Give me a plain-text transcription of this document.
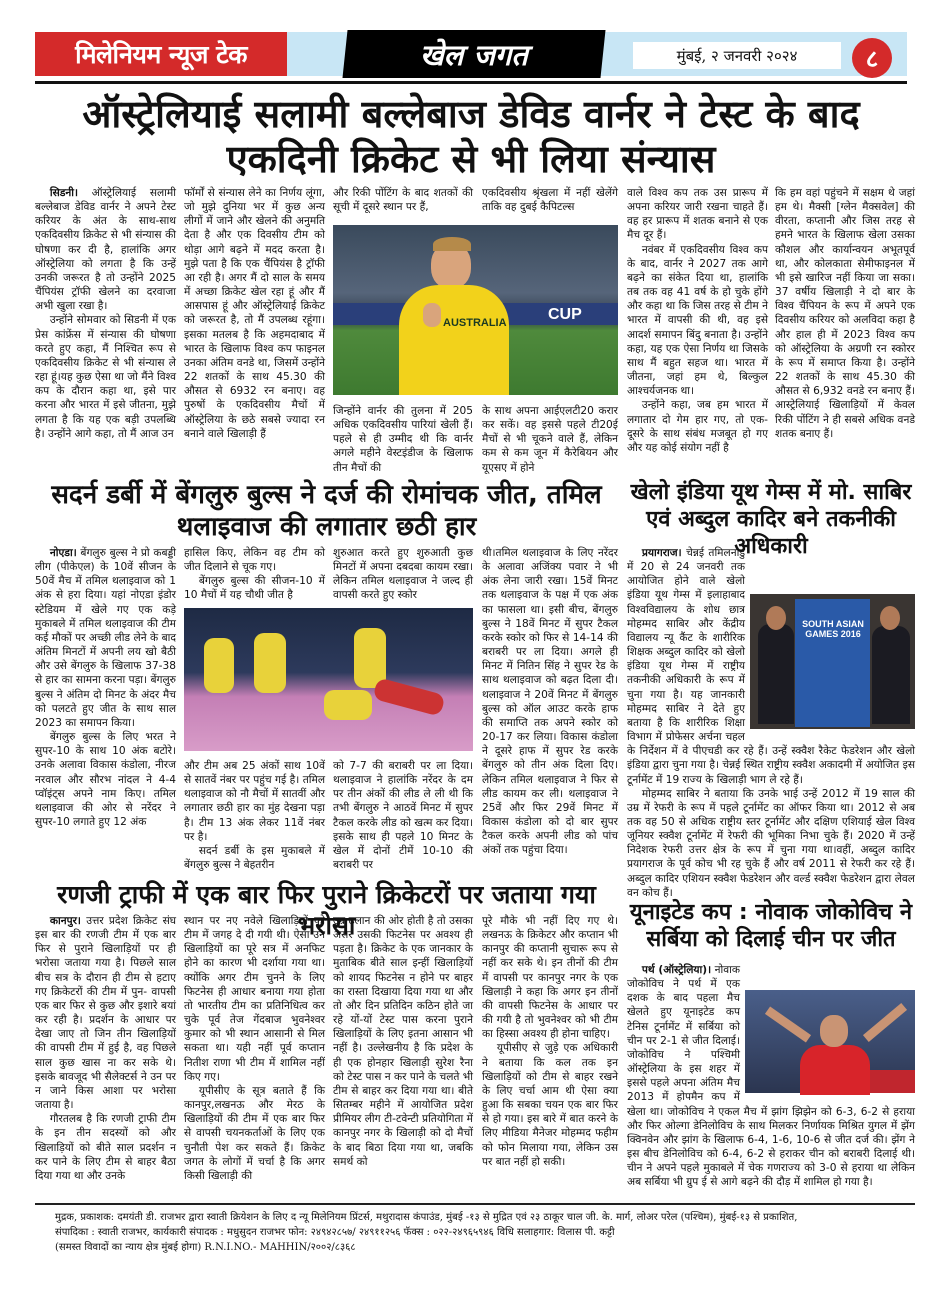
मिलेनियम न्यूज टेक	खेल जगत	मुंबई, २ जनवरी २०२४	८
ऑस्ट्रेलियाई सलामी बल्लेबाज डेविड वार्नर ने टेस्ट के बाद एकदिनी क्रिकेट से भी लिया संन्यास

सिडनी। ऑस्ट्रेलियाई सलामी बल्लेबाज डेविड वार्नर ने अपने टेस्ट करियर के अंत के साथ-साथ एकदिवसीय क्रिकेट से भी संन्यास की घोषणा कर दी है, हालांकि अगर ऑस्ट्रेलिया को लगता है कि उन्हें उनकी जरूरत है तो उन्होंने 2025 चैंपियंस ट्रॉफी खेलने का दरवाजा अभी खुला रखा है।

उन्होंने सोमवार को सिडनी में एक प्रेस कांफ्रेंस में संन्यास की घोषणा करते हुए कहा, मैं निश्चित रूप से एकदिवसीय क्रिकेट से भी संन्यास ले रहा हूं।यह कुछ ऐसा था जो मैंने विश्व कप के दौरान कहा था, इसे पार करना और भारत में इसे जीतना, मुझे लगता है कि यह एक बड़ी उपलब्धि है। उन्होंने आगे कहा, तो मैं आज उन

फॉर्मों से संन्यास लेने का निर्णय लूंगा, जो मुझे दुनिया भर में कुछ अन्य लीगों में जाने और खेलने की अनुमति देता है और एक दिवसीय टीम को थोड़ा आगे बढ़ने में मदद करता है। मुझे पता है कि एक चैंपियंस है ट्रॉफी आ रही है। अगर मैं दो साल के समय में अच्छा क्रिकेट खेल रहा हूं और मैं आसपास हूं और ऑस्ट्रेलियाई क्रिकेट को जरूरत है, तो मैं उपलब्ध रहूंगा। इसका मतलब है कि अहमदाबाद में भारत के खिलाफ विश्व कप फाइनल उनका अंतिम वनडे था, जिसमें उन्होंने 22 शतकों के साथ 45.30 की औसत से 6932 रन बनाए। वह पुरुषों के एकदिवसीय मैचों में ऑस्ट्रेलिया के छठे सबसे ज्यादा रन बनाने वाले खिलाड़ी हैं

और रिकी पोंटिंग के बाद शतकों की सूची में दूसरे स्थान पर हैं,

एकदिवसीय श्रृंखला में नहीं खेलेंगे ताकि वह दुबई कैपिटल्स

CUP
AUSTRALIA

जिन्होंने वार्नर की तुलना में 205 अधिक एकदिवसीय पारियां खेली हैं। पहले से ही उम्मीद थी कि वार्नर अगले महीने वेस्टइंडीज के खिलाफ तीन मैचों की

के साथ अपना आईएलटी20 करार कर सकें। वह इससे पहले टी20ई मैचों से भी चूकने वाले हैं, लेकिन कम से कम जून में कैरेबियन और यूएसए में होने

वाले विश्व कप तक उस प्रारूप में अपना करियर जारी रखना चाहते हैं। वह हर प्रारूप में शतक बनाने से एक मैच दूर हैं।

नवंबर में एकदिवसीय विश्व कप के बाद, वार्नर ने 2027 तक आगे बढ़ने का संकेत दिया था, हालांकि तब तक वह 41 वर्ष के हो चुके होंगे और कहा था कि जिस तरह से टीम ने भारत में वापसी की थी, वह इसे आदर्श समापन बिंदु बनाता है। उन्होंने कहा, यह एक ऐसा निर्णय था जिसके साथ मैं बहुत सहज था। भारत में जीतना, जहां हम थे, बिल्कुल आश्चर्यजनक था।

उन्होंने कहा, जब हम भारत में लगातार दो गेम हार गए, तो एक-दूसरे के साथ संबंध मजबूत हो गए और यह कोई संयोग नहीं है

कि हम वहां पहुंचने में सक्षम थे जहां हम थे। मैक्सी [ग्लेन मैक्सवेल] की वीरता, कप्तानी और जिस तरह से हमने भारत के खिलाफ खेला उसका कौशल और कार्यान्वयन अभूतपूर्व था, और कोलकाता सेमीफाइनल में भी इसे खारिज नहीं किया जा सका।37 वर्षीय खिलाड़ी ने दो बार के विश्व चैंपियन के रूप में अपने एक दिवसीय करियर को अलविदा कहा है और हाल ही में 2023 विश्व कप को ऑस्ट्रेलिया के अग्रणी रन स्कोरर के रूप में समाप्त किया है। उन्होंने 22 शतकों के साथ 45.30 की औसत से 6,932 वनडे रन बनाए हैं। आस्ट्रेलियाई खिलाड़ियों में केवल रिकी पोंटिंग ने ही सबसे अधिक वनडे शतक बनाए हैं।

सदर्न डर्बी में बेंगलुरु बुल्स ने दर्ज की रोमांचक जीत, तमिल थलाइवाज की लगातार छठी हार

नोएडा। बेंगलुरु बुल्स ने प्रो कबड्डी लीग (पीकेएल) के 10वें सीजन के 50वें मैच में तमिल थलाइवाज को 1 अंक से हरा दिया। यहां नोएडा इंडोर स्टेडियम में खेले गए एक कड़े मुकाबले में तमिल थलाइवाज की टीम कई मौकों पर अच्छी लीड लेने के बाद अंतिम मिनटों में अपनी लय खो बैठी और उसे बेंगलुरु के खिलाफ 37-38 से हार का सामना करना पड़ा। बेंगलुरु बुल्स ने अंतिम दो मिनट के अंदर मैच को पलटते हुए जीत के साथ साल 2023 का समापन किया।

बेंगलुरु बुल्स के लिए भरत ने सुपर-10 के साथ 10 अंक बटोरे। उनके अलावा विकास कंडोला, नीरज नरवाल और सौरभ नांदल ने 4-4 प्वॉइंट्स अपने नाम किए। तमिल थलाइवाज की ओर से नरेंदर ने सुपर-10 लगाते हुए 12 अंक

हासिल किए, लेकिन वह टीम को जीत दिलाने से चूक गए।

बेंगलुरु बुल्स की सीजन-10 में 10 मैचों में यह चौथी जीत है

शुरुआत करते हुए शुरुआती कुछ मिनटों में अपना दबदबा कायम रखा। लेकिन तमिल थलाइवाज ने जल्द ही वापसी करते हुए स्कोर

और टीम अब 25 अंकों साथ 10वें से सातवें नंबर पर पहुंच गई है। तमिल थलाइवाज को नौ मैचों में सातवीं और लगातार छठी हार का मुंह देखना पड़ा है। टीम 13 अंक लेकर 11वें नंबर पर है।

सदर्न डर्बी के इस मुकाबले में बेंगलुरु बुल्स ने बेहतरीन

को 7-7 की बराबरी पर ला दिया। थलाइवाज ने हालांकि नरेंदर के दम पर तीन अंकों की लीड ले ली थी कि तभी बेंगलुरु ने आठवें मिनट में सुपर टैकल करके लीड को खत्म कर दिया। इसके साथ ही पहले 10 मिनट के खेल में दोनों टीमें 10-10 की बराबरी पर

थी।तमिल थलाइवाज के लिए नरेंदर के अलावा अजिंक्य पवार ने भी अंक लेना जारी रखा। 15वें मिनट तक थलाइवाज के पक्ष में एक अंक का फासला था। इसी बीच, बेंगलुरु बुल्स ने 18वें मिनट में सुपर टैकल करके स्कोर को फिर से 14-14 की बराबरी पर ला दिया। अगले ही मिनट में नितिन सिंह ने सुपर रेड के साथ थलाइवाज को बढ़त दिला दी। थलाइवाज ने 20वें मिनट में बेंगलुरु बुल्स को ऑल आउट करके हाफ की समाप्ति तक अपने स्कोर को 20-17 कर लिया। विकास कंडोला ने दूसरे हाफ में सुपर रेड करके बेंगलुरु को तीन अंक दिला दिए। लेकिन तमिल थलाइवाज ने फिर से लीड कायम कर ली। थलाइवाज ने 25वें और फिर 29वें मिनट में विकास कंडोला को दो बार सुपर टैकल करके अपनी लीड को पांच अंकों तक पहुंचा दिया।

खेलो इंडिया यूथ गेम्स में मो. साबिर एवं अब्दुल कादिर बने तकनीकी अधिकारी
SOUTH ASIAN GAMES 2016

प्रयागराज। चेन्नई तमिलनाडु में 20 से 24 जनवरी तक आयोजित होने वाले खेलो इंडिया यूथ गेम्स में इलाहाबाद विश्वविद्यालय के शोध छात्र मोहम्मद साबिर और केंद्रीय विद्यालय न्यू कैंट के शारीरिक शिक्षक अब्दुल कादिर को खेलो इंडिया यूथ गेम्स में राष्ट्रीय तकनीकी अधिकारी के रूप में चुना गया है। यह जानकारी मोहम्मद साबिर ने देते हुए बताया है कि शारीरिक शिक्षा विभाग में प्रोफेसर अर्चना चहल के निर्देशन में वे पीएचडी कर रहे हैं। उन्हें स्क्वैश रैकेट फेडरेशन और खेलो इंडिया द्वारा चुना गया है। चेन्नई स्थित राष्ट्रीय स्क्वैश अकादमी में अयोजित इस टूर्नामेंट में 19 राज्य के खिलाड़ी भाग ले रहे हैं।

मोहम्मद साबिर ने बताया कि उनके भाई उन्हें 2012 में 19 साल की उम्र में रेफरी के रूप में पहले टूर्नामेंट का ऑफर किया था। 2012 से अब तक वह 50 से अधिक राष्ट्रीय स्तर टूर्नामेंट और दक्षिण एशियाई खेल विश्व जूनियर स्क्वैश टूर्नामेंट में रेफरी की भूमिका निभा चुके हैं। 2020 में उन्हें निदेशक रेफरी उत्तर क्षेत्र के रूप में चुना गया था।वहीं, अब्दुल कादिर प्रयागराज के पूर्व कोच भी रह चुके हैं और वर्ष 2011 से रेफरी कर रहे हैं। अब्दुल कादिर एशियन स्क्वैश फेडरेशन और वर्ल्ड स्क्वैश फेडरेशन द्वारा लेवल वन कोच हैं।

रणजी ट्राफी में एक बार फिर पुराने क्रिकेटरों पर जताया गया भरोसा

कानपुर। उत्तर प्रदेश क्रिकेट संघ इस बार की रणजी टीम में एक बार फिर से पुराने खिलाड़ियों पर ही भरोसा जताया गया है। पिछले साल बीच सत्र के दौरान ही टीम से हटाए गए क्रिकेटरों की टीम में पुन- वापसी एक बार फिर से कुछ और इशारे बयां कर रही है। प्रदर्शन के आधार पर देखा जाए तो जिन तीन खिलाड़ियों की वापसी टीम में हुई है, वह पिछले साल कुछ खास ना कर सके थे। इसके बावजूद भी सैलेक्टर्स ने उन पर न जाने किस आशा पर भरोसा जताया है।

गौरतलब है कि रणजी ट्राफी टीम के इन तीन सदस्यों को और खिलाड़ियों को बीते साल प्रदर्शन न कर पाने के लिए टीम से बाहर बैठा दिया गया था और उनके

स्थान पर नए नवेले खिलाड़ियों को टीम में जगह दे दी गयी थी। ऐसा उन खिलाड़ियों का पूरे सत्र में अनफिट होने का कारण भी दर्शाया गया था। क्योंकि अगर टीम चुनने के लिए फिटनेस ही आधार बनाया गया होता तो भारतीय टीम का प्रतिनिधित्व कर चुके पूर्व तेज गेंदबाज भुवनेश्वर कुमार को भी स्थान आसानी से मिल सकता था। यही नहीं पूर्व कप्तान नितीश राणा भी टीम में शामिल नहीं किए गए।

यूपीसीए के सूत्र बताते हैं कि कानपुर,लखनऊ और मेरठ के खिलाड़ियों की टीम में एक बार फिर से वापसी चयनकर्ताओं के लिए एक चुनौती पेश कर सकते हैं। क्रिकेट जगत के लोगों में चर्चा है कि अगर किसी खिलाड़ी की

उम्र ढलान की ओर होती है तो उसका असर उसकी फिटनेस पर अवश्य ही पड़ता है। क्रिकेट के एक जानकार के मुताबिक बीते साल इन्हीं खिलाड़ियों को शायद फिटनेस न होने पर बाहर का रास्ता दिखाया दिया गया था और तो और दिन प्रतिदिन कठिन होते जा रहे यों-यों टेस्ट पास करना पुराने खिलाड़ियों के लिए इतना आसान भी नहीं है। उल्लेखनीय है कि प्रदेश के ही एक होनहार खिलाड़ी सुरेश रैना को टेस्ट पास न कर पाने के चलते भी टीम से बाहर कर दिया गया था। बीते सितम्बर महीने में आयोजित प्रदेश प्रीमियर लीग टी-टवेन्टी प्रतियोगिता में कानपुर नगर के खिलाड़ी को दो मैचों के बाद बिठा दिया गया था, जबकि समर्थ को

पूरे मौके भी नहीं दिए गए थे। लखनऊ के क्रिकेटर और कप्तान भी कानपुर की कप्तानी सुचारू रूप से नहीं कर सके थे। इन तीनों की टीम में वापसी पर कानपुर नगर के एक खिलाड़ी ने कहा कि अगर इन तीनों की वापसी फिटनेस के आधार पर की गयी है तो भुवनेश्वर को भी टीम का हिस्सा अवश्य ही होना चाहिए।

यूपीसीए से जुड़े एक अधिकारी ने बताया कि कल तक इन खिलाड़ियों को टीम से बाहर रखने के लिए चर्चा आम थी ऐसा क्या हुआ कि सबका चयन एक बार फिर से हो गया। इस बारे में बात करने के लिए मीडिया मैनेजर मोहम्मद फहीम को फोन मिलाया गया, लेकिन उस पर बात नहीं हो सकी।

यूनाइटेड कप : नोवाक जोकोविच ने सर्बिया को दिलाई चीन पर जीत

पर्थ (ऑस्ट्रेलिया)। नोवाक जोकोविच ने पर्थ में एक दशक के बाद पहला मैच खेलते हुए यूनाइटेड कप टेनिस टूर्नामेंट में सर्बिया को चीन पर 2-1 से जीत दिलाई। जोकोविच ने पश्चिमी ऑस्ट्रेलिया के इस शहर में इससे पहले अपना अंतिम मैच 2013 में होपमैन कप में खेला था। जोकोविच ने एकल मैच में झांग झिझेन को 6-3, 6-2 से हराया और फिर ओल्गा डेनिलोविच के साथ मिलकर निर्णायक मिश्रित युगल में झेंग क्विनवेन और झांग के खिलाफ 6-4, 1-6, 10-6 से जीत दर्ज की। झेंग ने इस बीच डेनिलोविच को 6-4, 6-2 से हराकर चीन को बराबरी दिलाई थी। चीन ने अपने पहले मुकाबले में चेक गणराज्य को 3-0 से हराया था लेकिन अब सर्बिया भी ग्रुप ई से आगे बढ़ने की दौड़ में शामिल हो गया है।

मुद्रक, प्रकाशक: दमयंती डी. राजभर द्वारा स्वाती क्रियेशन के लिए द न्यू मिलेनियम प्रिंटर्स, मथुरादास कंपाउंड, मुंबई -१३ से मुद्रित एवं २३ ठाकूर चाल जी. के. मार्ग, लोअर परेल (पश्चिम), मुंबई-१३ से प्रकाशित,
संपादिका : स्वाती राजभर, कार्यकारी संपादक : मधुसुदन राजभर फोन: २४९४२८५७/ २४९११२५६ फॅक्स : ०२२-२४९६५९४६ विधि सलाहगार: विलास पी. कट्टी
(समस्त विवादों का न्याय क्षेत्र मुंबई होगा) R.N.I.NO.- MAHHIN/२००२/८३६८
